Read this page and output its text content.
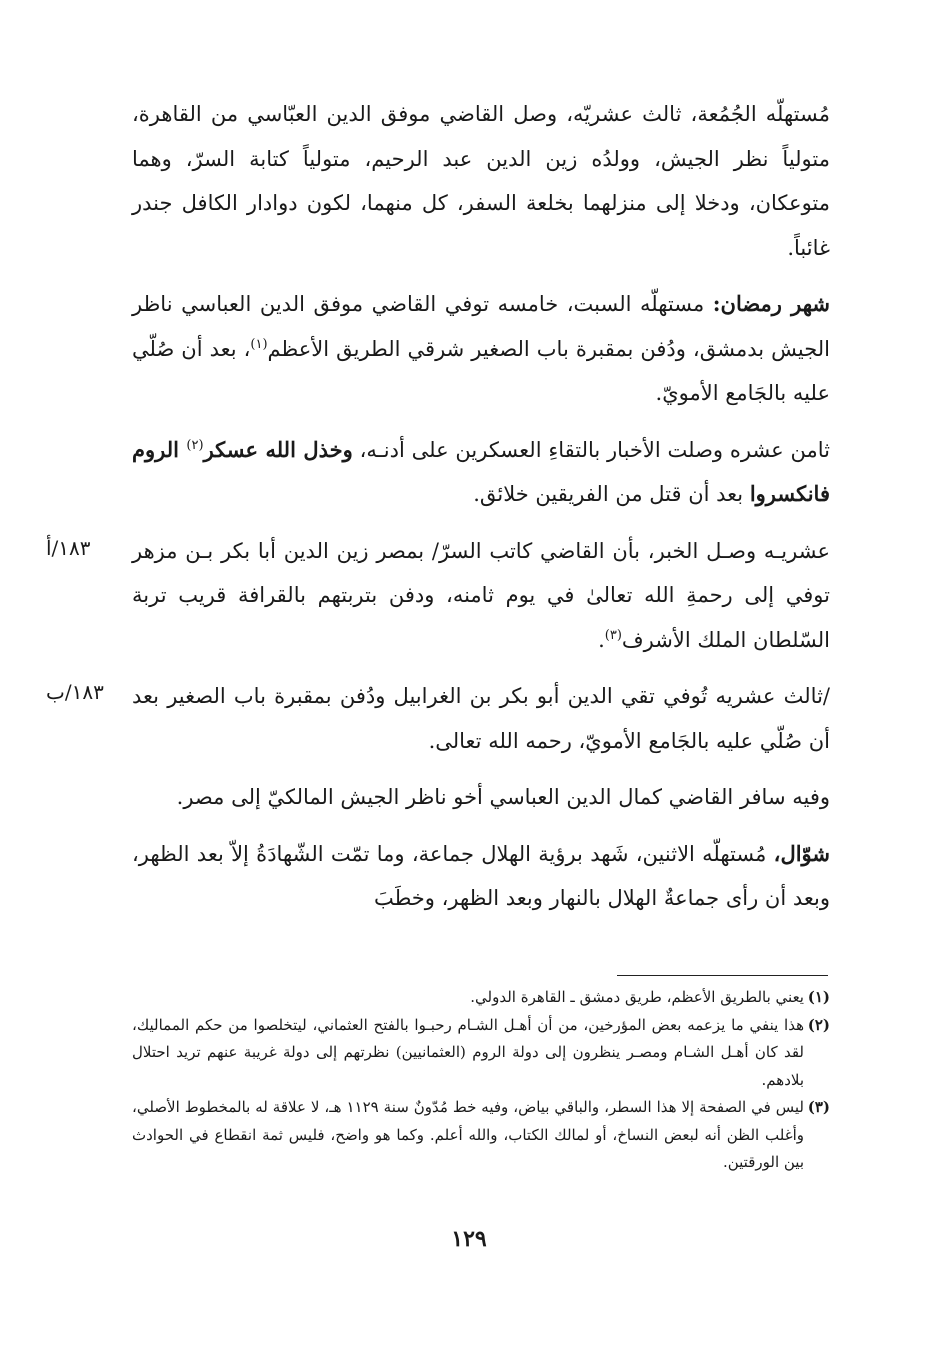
مُستهلّه الجُمُعة، ثالث عشريّه، وصل القاضي موفق الدين العبّاسي من القاهرة، متولياً نظر الجيش، وولدُه زين الدين عبد الرحيم، متولياً كتابة السرّ، وهما متوعكان، ودخلا إلى منزلهما بخلعة السفر، كل منهما، لكون دوادار الكافل جندر غائباً.

شهر رمضان: مستهلّه السبت، خامسه توفي القاضي موفق الدين العباسي ناظر الجيش بدمشق، ودُفن بمقبرة باب الصغير شرقي الطريق الأعظم$^{(١)}$، بعد أن صُلّي عليه بالجَامع الأمويّ.

ثامن عشره وصلت الأخبار بالتقاءِ العسكرين على أدنـه، وخذل الله عسكر$^{(٢)}$ الروم فانكسروا بعد أن قتل من الفريقين خلائق.

عشريـه وصـل الخبر، بأن القاضي كاتب السرّ/ بمصر زين الدين أبا بكر بـن مزهر توفي إلى رحمةِ الله تعالىٰ في يوم ثامنه، ودفن بتربتهم بالقرافة قريب تربة السّلطان الملك الأشرف$^{(٣)}$.

/ثالث عشريه تُوفي تقي الدين أبو بكر بن الغرابيل ودُفن بمقبرة باب الصغير بعد أن صُلّي عليه بالجَامع الأمويّ، رحمه الله تعالى.

وفيه سافر القاضي كمال الدين العباسي أخو ناظر الجيش المالكيّ إلى مصر.

شوّال، مُستهلّه الاثنين، شَهد برؤية الهلال جماعة، وما تمّت الشّهادَةُ إلاّ بعد الظهر، وبعد أن رأى جماعةٌ الهلال بالنهار وبعد الظهر، وخطَبَ

١٨٣/أ
١٨٣/ب

(١)
يعني بالطريق الأعظم، طريق دمشق ـ القاهرة الدولي.

(٢)
هذا ينفي ما يزعمه بعض المؤرخين، من أن أهـل الشـام رحبـوا بالفتح العثماني، ليتخلصوا من حكم المماليك، لقد كان أهـل الشـام ومصـر ينظرون إلى دولة الروم (العثمانيين) نظرتهم إلى دولة غريبة عنهم تريد احتلال بلادهم.

(٣)
ليس في الصفحة إلا هذا السطر، والباقي بياض، وفيه خط مُدّونٌ سنة ١١٢٩ هـ، لا علاقة له بالمخطوط الأصلي، وأغلب الظن أنه لبعض النساخ، أو لمالك الكتاب، والله أعلم. وكما هو واضح، فليس ثمة انقطاع في الحوادث بين الورقتين.

١٢٩
